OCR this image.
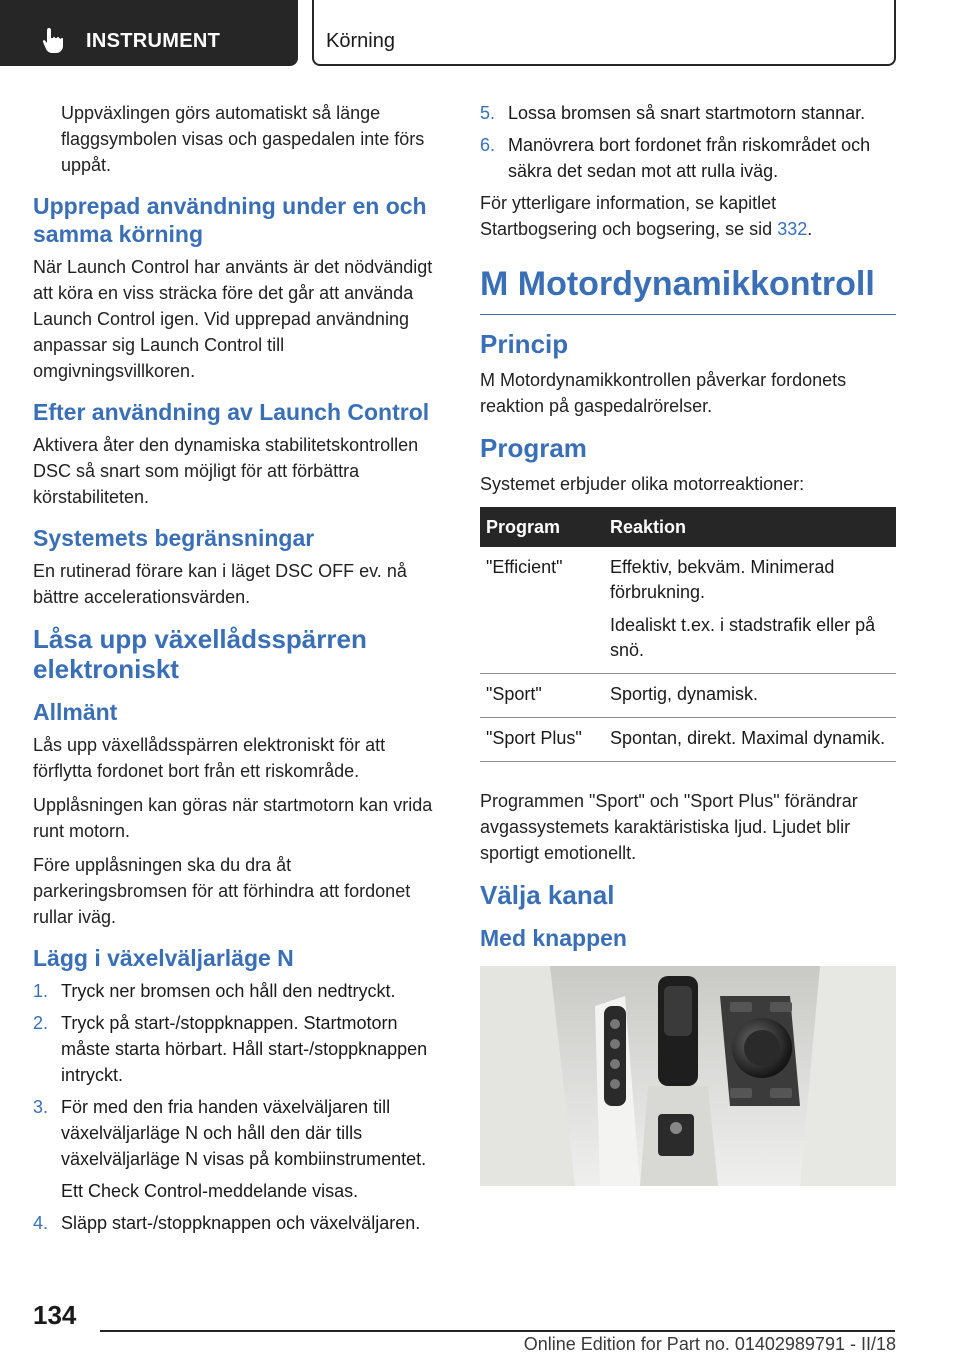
INSTRUMENT	Körning

Uppväxlingen görs automatiskt så länge flaggsymbolen visas och gaspedalen inte förs uppåt.

Upprepad användning under en och samma körning

När Launch Control har använts är det nödvändigt att köra en viss sträcka före det går att använda Launch Control igen. Vid upprepad användning anpassar sig Launch Control till omgivningsvillkoren.

Efter användning av Launch Control

Aktivera åter den dynamiska stabilitetskontrollen DSC så snart som möjligt för att förbättra körstabiliteten.

Systemets begränsningar

En rutinerad förare kan i läget DSC OFF ev. nå bättre accelerationsvärden.

Låsa upp växellådsspärren elektroniskt
Allmänt

Lås upp växellådsspärren elektroniskt för att förflytta fordonet bort från ett riskområde.

Upplåsningen kan göras när startmotorn kan vrida runt motorn.

Före upplåsningen ska du dra åt parkeringsbromsen för att förhindra att fordonet rullar iväg.

Lägg i växelväljarläge N
1. Tryck ner bromsen och håll den nedtryckt.
2. Tryck på start-/stoppknappen. Startmotorn måste starta hörbart. Håll start-/stoppknappen intryckt.
3. För med den fria handen växelväljaren till växelväljarläge N och håll den där tills växelväljarläge N visas på kombiinstrumentet.
Ett Check Control-meddelande visas.
4. Släpp start-/stoppknappen och växelväljaren.
5. Lossa bromsen så snart startmotorn stannar.
6. Manövrera bort fordonet från riskområdet och säkra det sedan mot att rulla iväg.

För ytterligare information, se kapitlet Startbogsering och bogsering, se sid 332.

M Motordynamikkontroll
Princip

M Motordynamikkontrollen påverkar fordonets reaktion på gaspedalrörelser.

Program

Systemet erbjuder olika motorreaktioner:

Program	Reaktion
"Efficient"	Effektiv, bekväm. Minimerad förbrukning.
Idealiskt t.ex. i stadstrafik eller på snö.

"Sport"	Sportig, dynamisk.
"Sport Plus"	Spontan, direkt. Maximal dynamik.

Programmen "Sport" och "Sport Plus" förändrar avgassystemets karaktäristiska ljud. Ljudet blir sportigt emotionellt.

Välja kanal
Med knappen
134
Online Edition for Part no. 01402989791 - II/18
